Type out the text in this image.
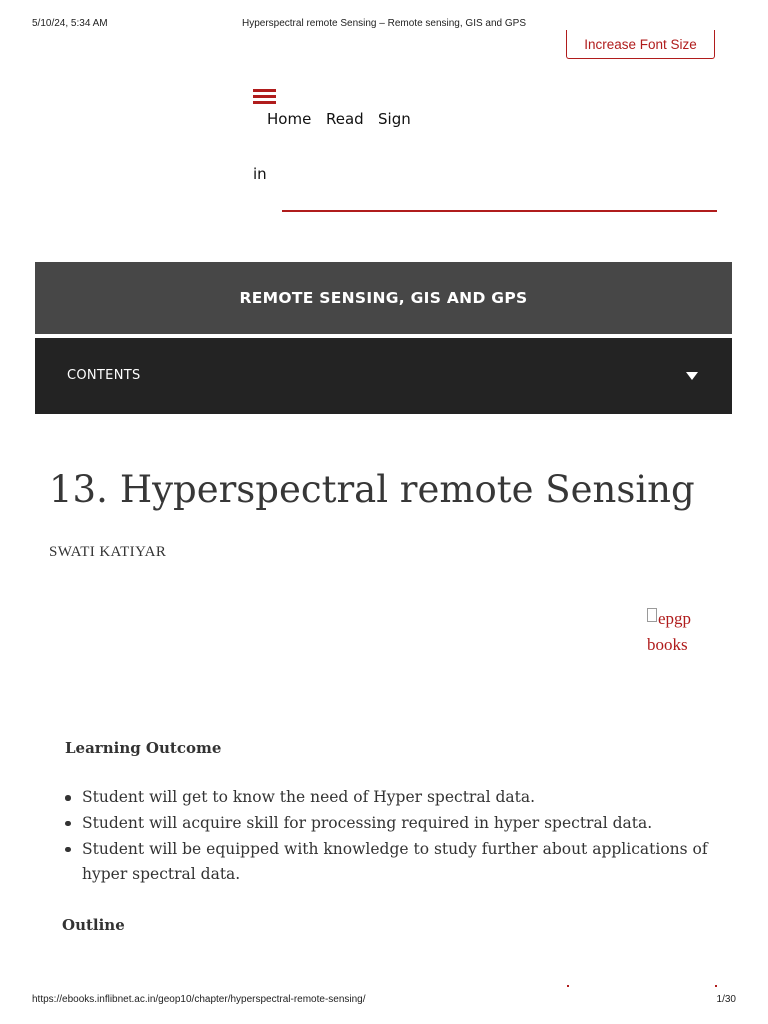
5/10/24, 5:34 AM	Hyperspectral remote Sensing – Remote sensing, GIS and GPS
Increase Font Size
Home Read Sign
in
REMOTE SENSING, GIS AND GPS
CONTENTS
13. Hyperspectral remote Sensing
SWATI KATIYAR
epgp books
Learning Outcome
Student will get to know the need of Hyper spectral data.
Student will acquire skill for processing required in hyper spectral data.
Student will be equipped with knowledge to study further about applications of hyper spectral data.
Outline
https://ebooks.inflibnet.ac.in/geop10/chapter/hyperspectral-remote-sensing/	1/30
